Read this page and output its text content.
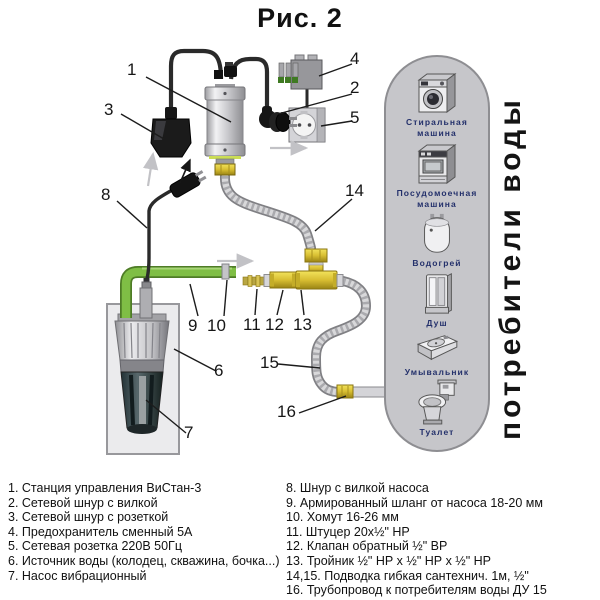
Рис. 2
1
2
3
4
5
6
7
8
9 10 11 12 13
14
15
16
Стиральная машина
Посудомоечная машина
Водогрей
Душ
Умывальник
Туалет	потребители воды
1. Станция управления ВиСтан-3
2. Сетевой шнур с вилкой
3. Сетевой шнур с розеткой
4. Предохранитель сменный 5А
5. Сетевая розетка 220В 50Гц
6. Источник воды (колодец, скважина, бочка...)
7. Насос вибрационный
8. Шнур с вилкой насоса
9. Армированный шланг от насоса 18-20 мм
10. Хомут 16-26 мм
11. Штуцер 20х½" НР
12. Клапан обратный ½" ВР
13. Тройник ½" НР х ½" НР х ½" НР
14,15. Подводка гибкая сантехнич. 1м, ½"
16. Трубопровод к потребителям воды ДУ 15
